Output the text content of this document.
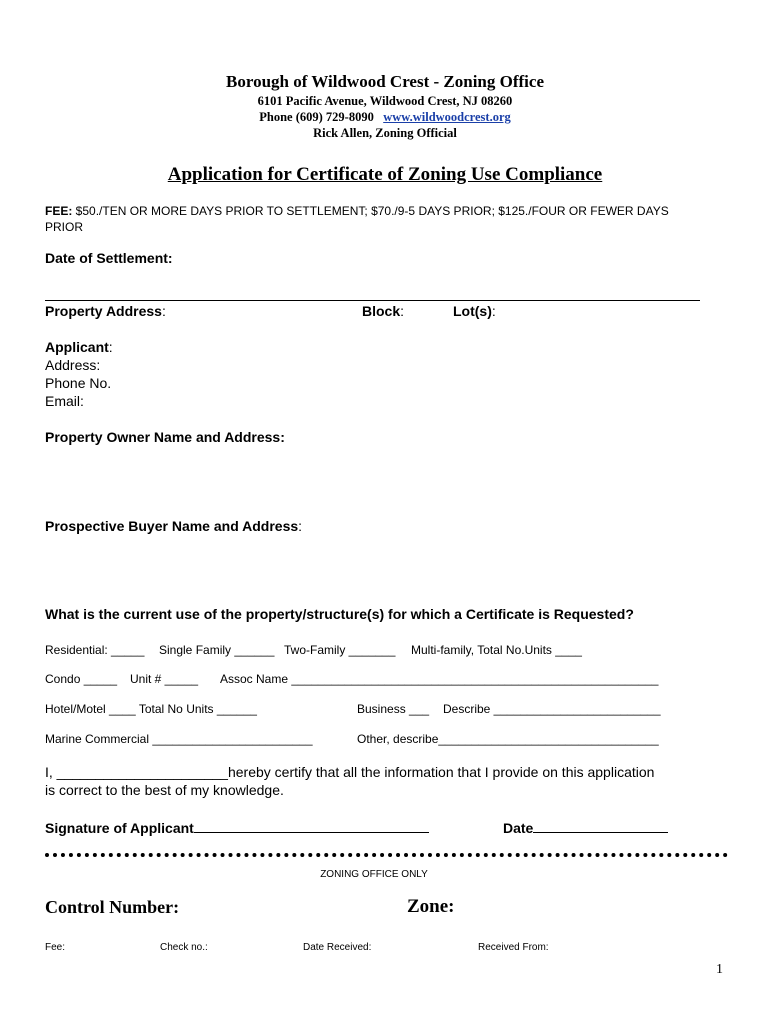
Borough of Wildwood Crest - Zoning Office
6101 Pacific Avenue, Wildwood Crest, NJ 08260
Phone (609) 729-8090 www.wildwoodcrest.org
Rick Allen, Zoning Official
Application for Certificate of Zoning Use Compliance
FEE: $50./TEN OR MORE DAYS PRIOR TO SETTLEMENT; $70./9-5 DAYS PRIOR; $125./FOUR OR FEWER DAYS
PRIOR
Date of Settlement:
Property Address:	Block:	Lot(s):
Applicant:
Address:
Phone No.
Email:
Property Owner Name and Address:
Prospective Buyer Name and Address:
What is the current use of the property/structure(s) for which a Certificate is Requested?
Residential: _____ Single Family ______ Two-Family _______ Multi-family, Total No.Units ____
Condo _____ Unit # _____ Assoc Name _______________________________________________________
Hotel/Motel ____ Total No Units ______	Business ___ Describe _________________________
Marine Commercial ________________________	Other, describe_________________________________
I, ______________________hereby certify that all the information that I provide on this application
is correct to the best of my knowledge.
Signature of Applicant	Date
ZONING OFFICE ONLY
Control Number:	Zone:
Fee:	Check no.:	Date Received:	Received From:
1
